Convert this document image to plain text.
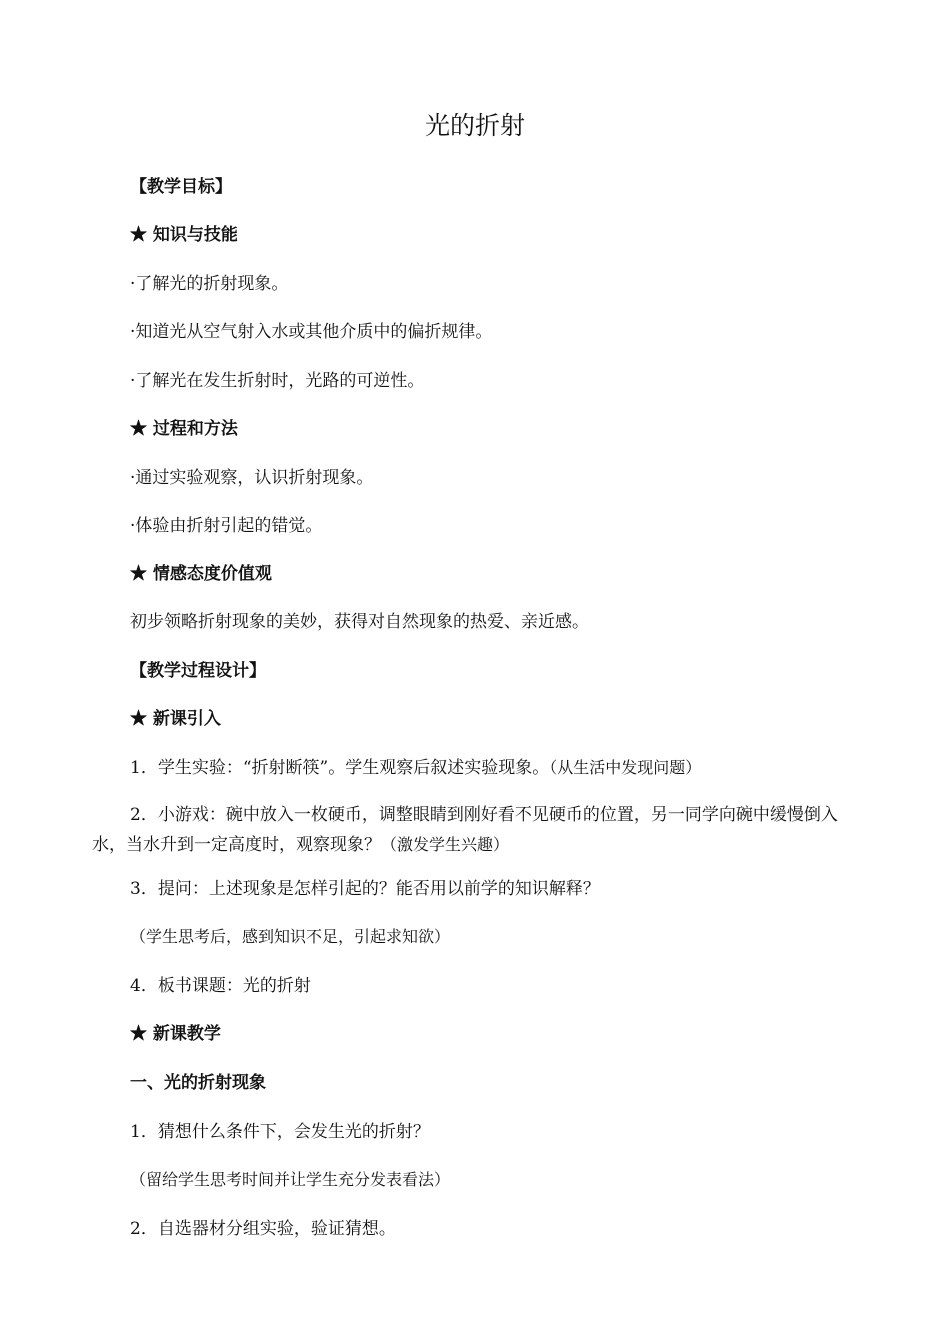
光的折射
【教学目标】
★ 知识与技能
·了解光的折射现象。
·知道光从空气射入水或其他介质中的偏折规律。
·了解光在发生折射时，光路的可逆性。
★ 过程和方法
·通过实验观察，认识折射现象。
·体验由折射引起的错觉。
★ 情感态度价值观
初步领略折射现象的美妙，获得对自然现象的热爱、亲近感。
【教学过程设计】
★ 新课引入
1．学生实验：“折射断筷”。学生观察后叙述实验现象。（从生活中发现问题）
2．小游戏：碗中放入一枚硬币，调整眼睛到刚好看不见硬币的位置，另一同学向碗中缓慢倒入水，当水升到一定高度时，观察现象？（激发学生兴趣）
3．提问：上述现象是怎样引起的？能否用以前学的知识解释？
（学生思考后，感到知识不足，引起求知欲）
4．板书课题：光的折射
★ 新课教学
一、光的折射现象
1．猜想什么条件下，会发生光的折射？
（留给学生思考时间并让学生充分发表看法）
2．自选器材分组实验，验证猜想。
